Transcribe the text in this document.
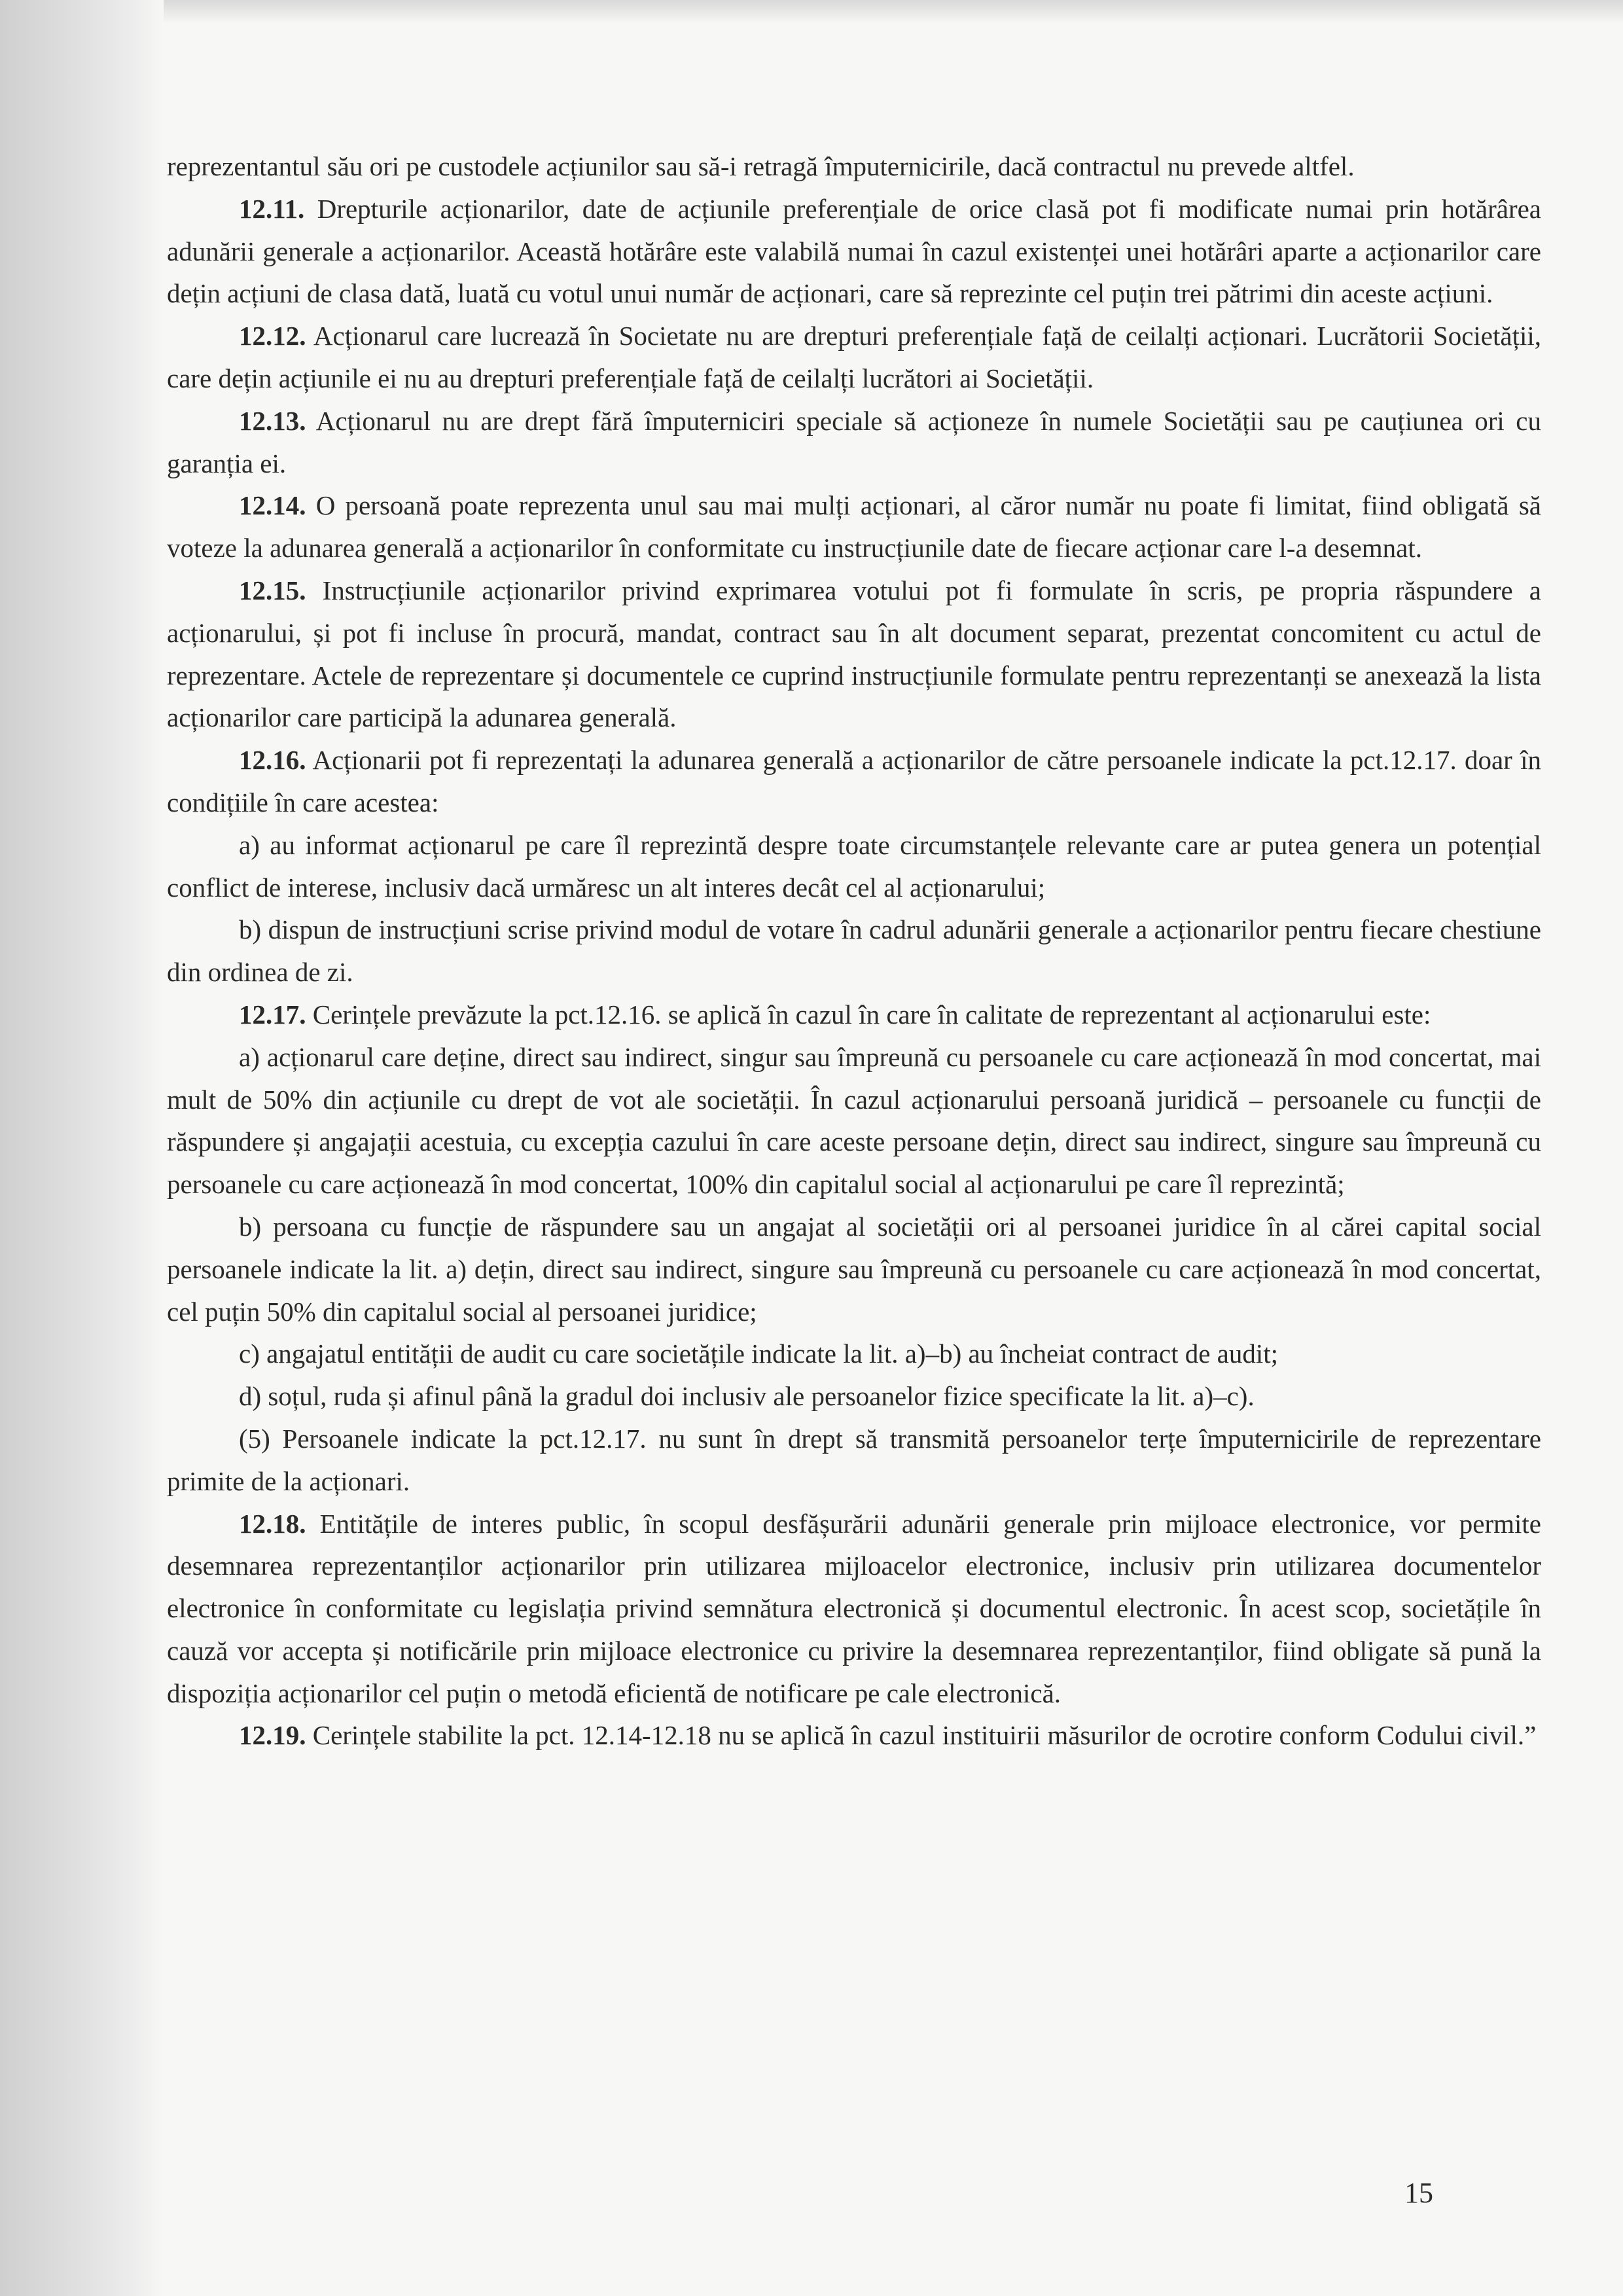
reprezentantul său ori pe custodele acțiunilor sau să-i retragă împuternicirile, dacă contractul nu prevede altfel.

12.11. Drepturile acționarilor, date de acțiunile preferențiale de orice clasă pot fi modificate numai prin hotărârea adunării generale a acționarilor. Această hotărâre este valabilă numai în cazul existenței unei hotărâri aparte a acționarilor care dețin acțiuni de clasa dată, luată cu votul unui număr de acționari, care să reprezinte cel puțin trei pătrimi din aceste acțiuni.

12.12. Acționarul care lucrează în Societate nu are drepturi preferențiale față de ceilalți acționari. Lucrătorii Societății, care dețin acțiunile ei nu au drepturi preferențiale față de ceilalți lucrători ai Societății.

12.13. Acționarul nu are drept fără împuterniciri speciale să acționeze în numele Societății sau pe cauțiunea ori cu garanția ei.

12.14. O persoană poate reprezenta unul sau mai mulți acționari, al căror număr nu poate fi limitat, fiind obligată să voteze la adunarea generală a acționarilor în conformitate cu instrucțiunile date de fiecare acționar care l-a desemnat.

12.15. Instrucțiunile acționarilor privind exprimarea votului pot fi formulate în scris, pe propria răspundere a acționarului, și pot fi incluse în procură, mandat, contract sau în alt document separat, prezentat concomitent cu actul de reprezentare. Actele de reprezentare și documentele ce cuprind instrucțiunile formulate pentru reprezentanți se anexează la lista acționarilor care participă la adunarea generală.

12.16. Acționarii pot fi reprezentați la adunarea generală a acționarilor de către persoanele indicate la pct.12.17. doar în condițiile în care acestea:

a) au informat acționarul pe care îl reprezintă despre toate circumstanțele relevante care ar putea genera un potențial conflict de interese, inclusiv dacă urmăresc un alt interes decât cel al acționarului;

b) dispun de instrucțiuni scrise privind modul de votare în cadrul adunării generale a acționarilor pentru fiecare chestiune din ordinea de zi.

12.17. Cerințele prevăzute la pct.12.16. se aplică în cazul în care în calitate de reprezentant al acționarului este:

a) acționarul care deține, direct sau indirect, singur sau împreună cu persoanele cu care acționează în mod concertat, mai mult de 50% din acțiunile cu drept de vot ale societății. În cazul acționarului persoană juridică – persoanele cu funcții de răspundere și angajații acestuia, cu excepția cazului în care aceste persoane dețin, direct sau indirect, singure sau împreună cu persoanele cu care acționează în mod concertat, 100% din capitalul social al acționarului pe care îl reprezintă;

b) persoana cu funcție de răspundere sau un angajat al societății ori al persoanei juridice în al cărei capital social persoanele indicate la lit. a) dețin, direct sau indirect, singure sau împreună cu persoanele cu care acționează în mod concertat, cel puțin 50% din capitalul social al persoanei juridice;

c) angajatul entității de audit cu care societățile indicate la lit. a)–b) au încheiat contract de audit;

d) soțul, ruda și afinul până la gradul doi inclusiv ale persoanelor fizice specificate la lit. a)–c).

(5) Persoanele indicate la pct.12.17. nu sunt în drept să transmită persoanelor terțe împuternicirile de reprezentare primite de la acționari.

12.18. Entitățile de interes public, în scopul desfășurării adunării generale prin mijloace electronice, vor permite desemnarea reprezentanților acționarilor prin utilizarea mijloacelor electronice, inclusiv prin utilizarea documentelor electronice în conformitate cu legislația privind semnătura electronică și documentul electronic. În acest scop, societățile în cauză vor accepta și notificările prin mijloace electronice cu privire la desemnarea reprezentanților, fiind obligate să pună la dispoziția acționarilor cel puțin o metodă eficientă de notificare pe cale electronică.

12.19. Cerințele stabilite la pct. 12.14-12.18 nu se aplică în cazul instituirii măsurilor de ocrotire conform Codului civil.”

15
